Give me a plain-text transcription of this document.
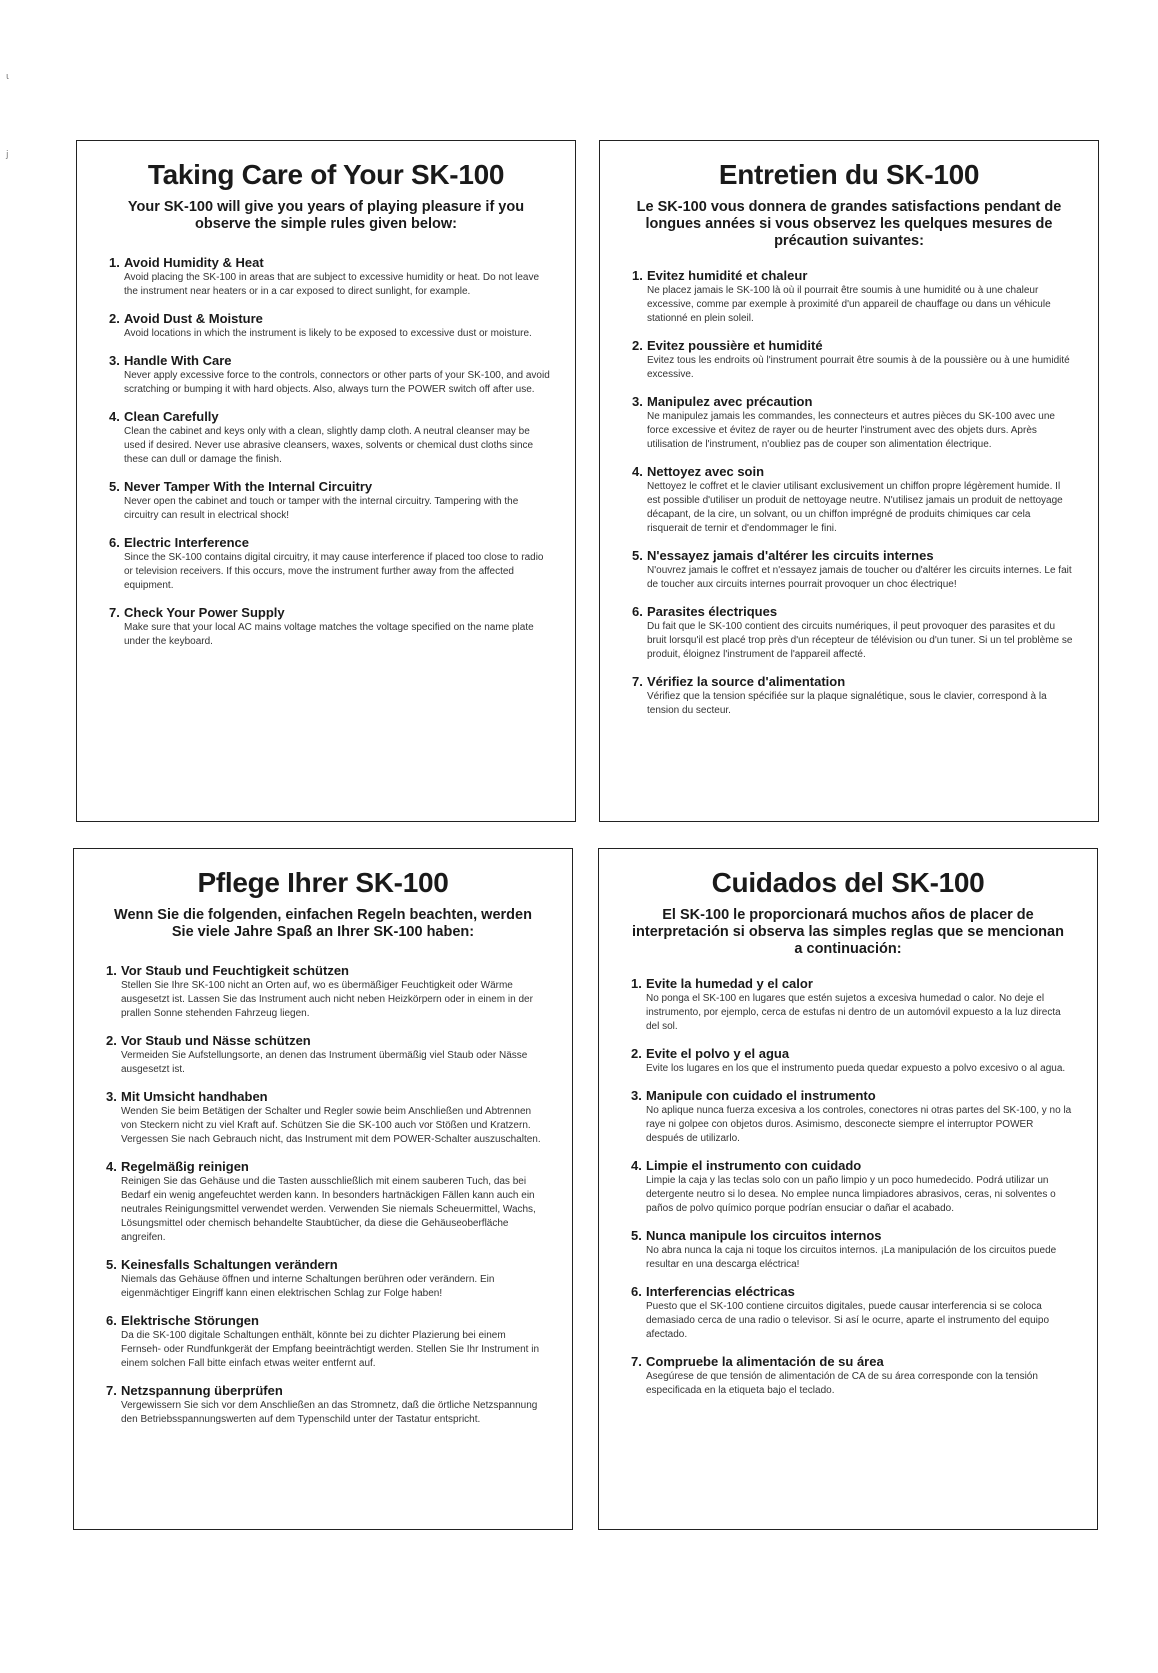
ι
j
Taking Care of Your SK-100

Your SK-100 will give you years of playing pleasure if you observe the simple rules given below:

1. Avoid Humidity & Heat
Avoid placing the SK-100 in areas that are subject to excessive humidity or heat. Do not leave the instrument near heaters or in a car exposed to direct sunlight, for example.
2. Avoid Dust & Moisture
Avoid locations in which the instrument is likely to be exposed to excessive dust or moisture.
3. Handle With Care
Never apply excessive force to the controls, connectors or other parts of your SK-100, and avoid scratching or bumping it with hard objects. Also, always turn the POWER switch off after use.
4. Clean Carefully
Clean the cabinet and keys only with a clean, slightly damp cloth. A neutral cleanser may be used if desired. Never use abrasive cleansers, waxes, solvents or chemical dust cloths since these can dull or damage the finish.
5. Never Tamper With the Internal Circuitry
Never open the cabinet and touch or tamper with the internal circuitry. Tampering with the circuitry can result in electrical shock!
6. Electric Interference
Since the SK-100 contains digital circuitry, it may cause interference if placed too close to radio or television receivers. If this occurs, move the instrument further away from the affected equipment.
7. Check Your Power Supply
Make sure that your local AC mains voltage matches the voltage specified on the name plate under the keyboard.
Entretien du SK-100

Le SK-100 vous donnera de grandes satisfactions pendant de longues années si vous observez les quelques mesures de précaution suivantes:

1. Evitez humidité et chaleur
Ne placez jamais le SK-100 là où il pourrait être soumis à une humidité ou à une chaleur excessive, comme par exemple à proximité d'un appareil de chauffage ou dans un véhicule stationné en plein soleil.
2. Evitez poussière et humidité
Evitez tous les endroits où l'instrument pourrait être soumis à de la poussière ou à une humidité excessive.
3. Manipulez avec précaution
Ne manipulez jamais les commandes, les connecteurs et autres pièces du SK-100 avec une force excessive et évitez de rayer ou de heurter l'instrument avec des objets durs. Après utilisation de l'instrument, n'oubliez pas de couper son alimentation électrique.
4. Nettoyez avec soin
Nettoyez le coffret et le clavier utilisant exclusivement un chiffon propre légèrement humide. Il est possible d'utiliser un produit de nettoyage neutre. N'utilisez jamais un produit de nettoyage décapant, de la cire, un solvant, ou un chiffon imprégné de produits chimiques car cela risquerait de ternir et d'endommager le fini.
5. N'essayez jamais d'altérer les circuits internes
N'ouvrez jamais le coffret et n'essayez jamais de toucher ou d'altérer les circuits internes. Le fait de toucher aux circuits internes pourrait provoquer un choc électrique!
6. Parasites électriques
Du fait que le SK-100 contient des circuits numériques, il peut provoquer des parasites et du bruit lorsqu'il est placé trop près d'un récepteur de télévision ou d'un tuner. Si un tel problème se produit, éloignez l'instrument de l'appareil affecté.
7. Vérifiez la source d'alimentation
Vérifiez que la tension spécifiée sur la plaque signalétique, sous le clavier, correspond à la tension du secteur.
Pflege Ihrer SK-100

Wenn Sie die folgenden, einfachen Regeln beachten, werden Sie viele Jahre Spaß an Ihrer SK-100 haben:

1. Vor Staub und Feuchtigkeit schützen
Stellen Sie Ihre SK-100 nicht an Orten auf, wo es übermäßiger Feuchtigkeit oder Wärme ausgesetzt ist. Lassen Sie das Instrument auch nicht neben Heizkörpern oder in einem in der prallen Sonne stehenden Fahrzeug liegen.
2. Vor Staub und Nässe schützen
Vermeiden Sie Aufstellungsorte, an denen das Instrument übermäßig viel Staub oder Nässe ausgesetzt ist.
3. Mit Umsicht handhaben
Wenden Sie beim Betätigen der Schalter und Regler sowie beim Anschließen und Abtrennen von Steckern nicht zu viel Kraft auf. Schützen Sie die SK-100 auch vor Stößen und Kratzern. Vergessen Sie nach Gebrauch nicht, das Instrument mit dem POWER-Schalter auszuschalten.
4. Regelmäßig reinigen
Reinigen Sie das Gehäuse und die Tasten ausschließlich mit einem sauberen Tuch, das bei Bedarf ein wenig angefeuchtet werden kann. In besonders hartnäckigen Fällen kann auch ein neutrales Reinigungsmittel verwendet werden. Verwenden Sie niemals Scheuermittel, Wachs, Lösungsmittel oder chemisch behandelte Staubtücher, da diese die Gehäuseoberfläche angreifen.
5. Keinesfalls Schaltungen verändern
Niemals das Gehäuse öffnen und interne Schaltungen berühren oder verändern. Ein eigenmächtiger Eingriff kann einen elektrischen Schlag zur Folge haben!
6. Elektrische Störungen
Da die SK-100 digitale Schaltungen enthält, könnte bei zu dichter Plazierung bei einem Fernseh- oder Rundfunkgerät der Empfang beeinträchtigt werden. Stellen Sie Ihr Instrument in einem solchen Fall bitte einfach etwas weiter entfernt auf.
7. Netzspannung überprüfen
Vergewissern Sie sich vor dem Anschließen an das Stromnetz, daß die örtliche Netzspannung den Betriebsspannungswerten auf dem Typenschild unter der Tastatur entspricht.
Cuidados del SK-100

El SK-100 le proporcionará muchos años de placer de interpretación si observa las simples reglas que se mencionan a continuación:

1. Evite la humedad y el calor
No ponga el SK-100 en lugares que estén sujetos a excesiva humedad o calor. No deje el instrumento, por ejemplo, cerca de estufas ni dentro de un automóvil expuesto a la luz directa del sol.
2. Evite el polvo y el agua
Evite los lugares en los que el instrumento pueda quedar expuesto a polvo excesivo o al agua.
3. Manipule con cuidado el instrumento
No aplique nunca fuerza excesiva a los controles, conectores ni otras partes del SK-100, y no la raye ni golpee con objetos duros. Asimismo, desconecte siempre el interruptor POWER después de utilizarlo.
4. Limpie el instrumento con cuidado
Limpie la caja y las teclas solo con un paño limpio y un poco humedecido. Podrá utilizar un detergente neutro si lo desea. No emplee nunca limpiadores abrasivos, ceras, ni solventes o paños de polvo químico porque podrían ensuciar o dañar el acabado.
5. Nunca manipule los circuitos internos
No abra nunca la caja ni toque los circuitos internos. ¡La manipulación de los circuitos puede resultar en una descarga eléctrica!
6. Interferencias eléctricas
Puesto que el SK-100 contiene circuitos digitales, puede causar interferencia si se coloca demasiado cerca de una radio o televisor. Si así le ocurre, aparte el instrumento del equipo afectado.
7. Compruebe la alimentación de su área
Asegúrese de que tensión de alimentación de CA de su área corresponde con la tensión especificada en la etiqueta bajo el teclado.
